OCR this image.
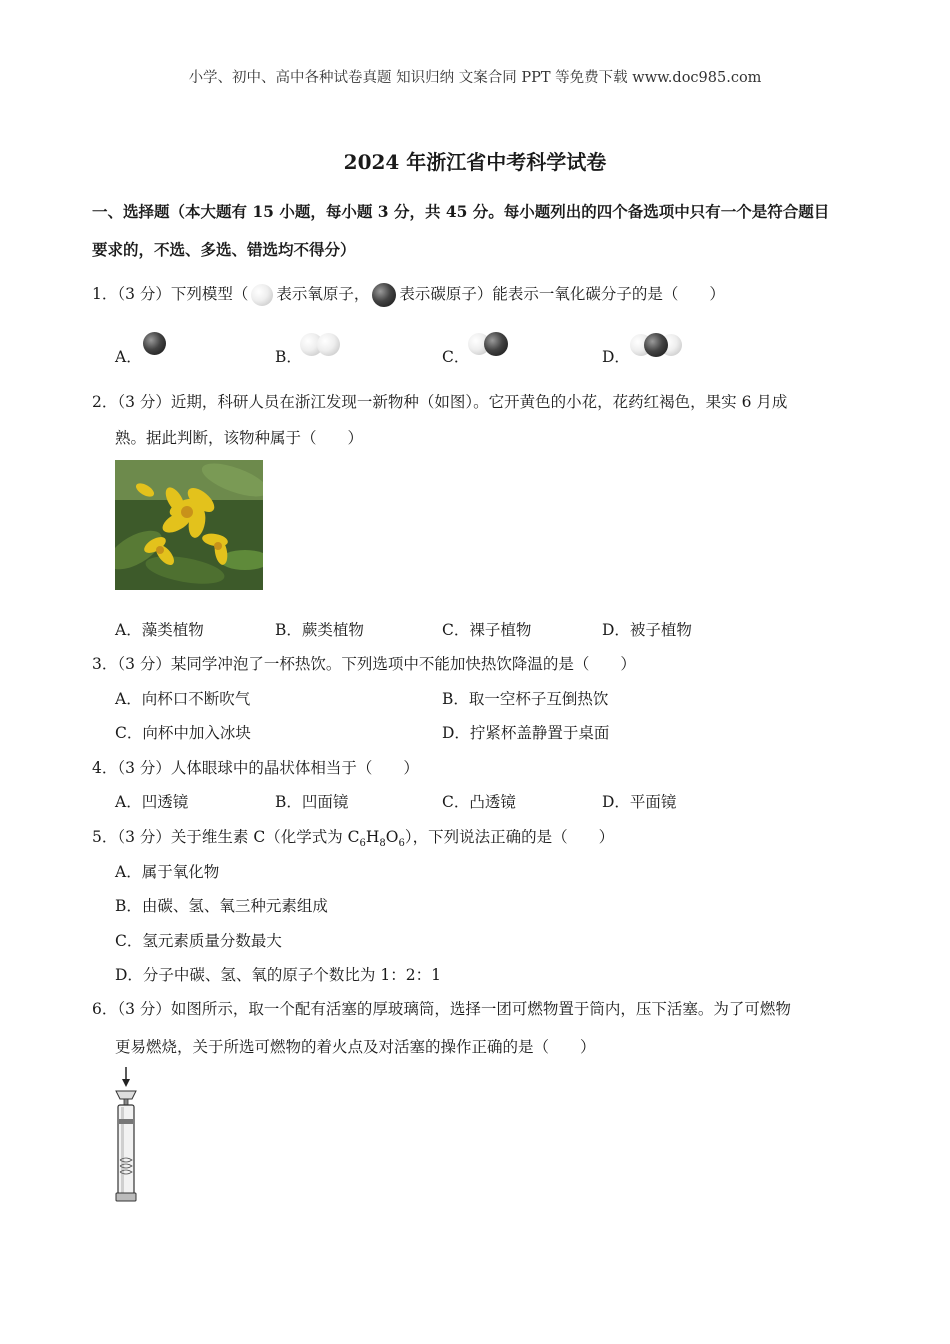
小学、初中、高中各种试卷真题 知识归纳 文案合同 PPT 等免费下载 www.doc985.com
2024 年浙江省中考科学试卷
一、选择题（本大题有 15 小题，每小题 3 分，共 45 分。每小题列出的四个备选项中只有一个是符合题目
要求的，不选、多选、错选均不得分）
1．（3 分）下列模型（ 表示氧原子， 表示碳原子）能表示一氧化碳分子的是（　　）
A．	B．	C．	D．
2．（3 分）近期，科研人员在浙江发现一新物种（如图）。它开黄色的小花，花药红褐色，果实 6 月成
熟。据此判断，该物种属于（　　）
A．藻类植物	B．蕨类植物	C．裸子植物	D．被子植物
3．（3 分）某同学冲泡了一杯热饮。下列选项中不能加快热饮降温的是（　　）
A．向杯口不断吹气	B．取一空杯子互倒热饮
C．向杯中加入冰块	D．拧紧杯盖静置于桌面
4．（3 分）人体眼球中的晶状体相当于（　　）
A．凹透镜	B．凹面镜	C．凸透镜	D．平面镜
5．（3 分）关于维生素 C（化学式为 $C_6H_8O_6$），下列说法正确的是（　　）
A．属于氧化物
B．由碳、氢、氧三种元素组成
C．氢元素质量分数最大
D．分子中碳、氢、氧的原子个数比为 1：2：1
6．（3 分）如图所示，取一个配有活塞的厚玻璃筒，选择一团可燃物置于筒内，压下活塞。为了可燃物
更易燃烧，关于所选可燃物的着火点及对活塞的操作正确的是（　　）
